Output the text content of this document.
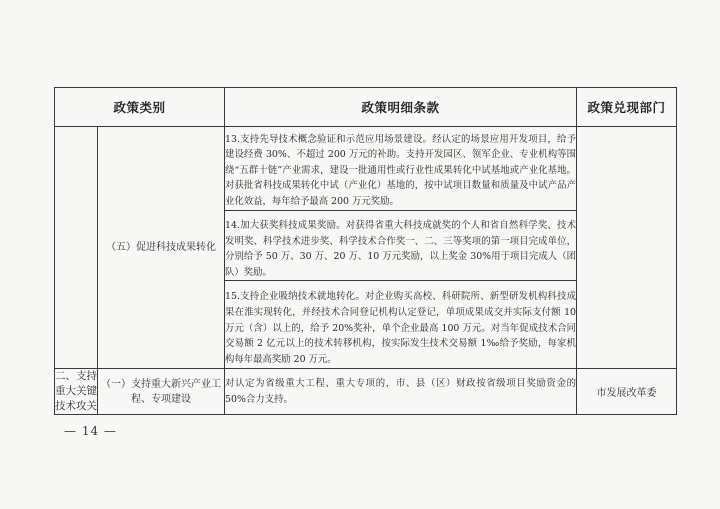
政策类别		政策明细条款	政策兑现部门
	（五）促进科技成果转化	13.支持先导技术概念验证和示范应用场景建设。经认定的场景应用开发项目，给予建设经费 30%、不超过 200 万元的补助。支持开发园区、领军企业、专业机构等围绕“五群十链”产业需求，建设一批通用性或行业性成果转化中试基地或产业化基地。对获批省科技成果转化中试（产业化）基地的，按中试项目数量和质量及中试产品产业化效益，每年给予最高 200 万元奖励。	
		14.加大获奖科技成果奖励。对获得省重大科技成就奖的个人和省自然科学奖、技术发明奖、科学技术进步奖、科学技术合作奖一、二、三等奖项的第一项目完成单位，分别给予 50 万、30 万、20 万、10 万元奖励，以上奖金 30%用于项目完成人（团队）奖励。	
		15.支持企业吸纳技术就地转化。对企业购买高校、科研院所、新型研发机构科技成果在淮实现转化，并经技术合同登记机构认定登记，单项成果成交并实际支付额 10 万元（含）以上的，给予 20%奖补，单个企业最高 100 万元。对当年促成技术合同交易额 2 亿元以上的技术转移机构，按实际发生技术交易额 1‰给予奖励，每家机构每年最高奖励 20 万元。	
二、支持重大关键技术攻关	（一）支持重大新兴产业工程、专项建设	对认定为省级重大工程、重大专项的，市、县（区）财政按省级项目奖励资金的 50%合力支持。	市发展改革委
— 14 —
